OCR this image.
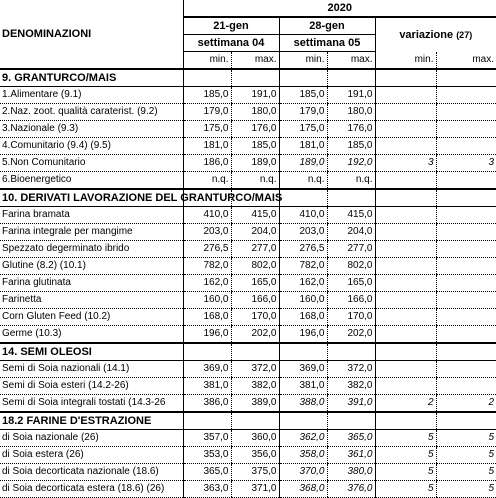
DENOMINAZIONI	2020					
	21-gen		28-gen		variazione (27)	
	settimana 04		settimana 05			
	min.	max.	min.	max.	min.	max.
9. GRANTURCO/MAIS						
1.Alimentare (9.1)	185,0	191,0	185,0	191,0		
2.Naz. zoot. qualità caraterist. (9.2)	179,0	180,0	179,0	180,0		
3.Nazionale (9.3)	175,0	176,0	175,0	176,0		
4.Comunitario (9.4) (9.5)	181,0	185,0	181,0	185,0		
5.Non Comunitario	186,0	189,0	189,0	192,0	3	3
6.Bioenergetico	n.q.	n.q.	n.q.	n.q.		
10. DERIVATI LAVORAZIONE DEL GRANTURCO/MAIS						
Farina bramata	410,0	415,0	410,0	415,0		
Farina integrale per mangime	203,0	204,0	203,0	204,0		
Spezzato degerminato ibrido	276,5	277,0	276,5	277,0		
Glutine (8.2) (10.1)	782,0	802,0	782,0	802,0		
Farina glutinata	162,0	165,0	162,0	165,0		
Farinetta	160,0	166,0	160,0	166,0		
Corn Gluten Feed (10.2)	168,0	170,0	168,0	170,0		
Germe (10.3)	196,0	202,0	196,0	202,0		
14. SEMI OLEOSI						
Semi di Soia nazionali (14.1)	369,0	372,0	369,0	372,0		
Semi di Soia esteri (14.2-26)	381,0	382,0	381,0	382,0		
Semi di Soia integrali tostati (14.3-26	386,0	389,0	388,0	391,0	2	2
18.2 FARINE D'ESTRAZIONE						
di Soia nazionale (26)	357,0	360,0	362,0	365,0	5	5
di Soia estera (26)	353,0	356,0	358,0	361,0	5	5
di Soia decorticata nazionale (18.6)	365,0	375,0	370,0	380,0	5	5
di Soia decorticata estera (18.6) (26)	363,0	371,0	368,0	376,0	5	5
